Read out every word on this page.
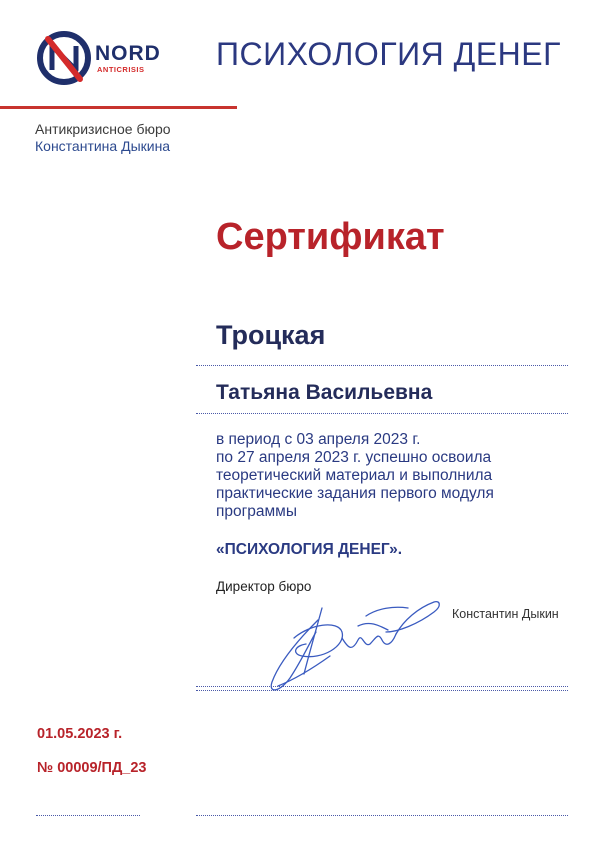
NORD
ANTICRISIS ПСИХОЛОГИЯ ДЕНЕГ
Антикризисное бюро
Константина Дыкина
Сертификат
Троцкая
Татьяна Васильевна
в период с 03 апреля 2023 г.
по 27 апреля 2023 г. успешно освоила
теоретический материал и выполнила
практические задания первого модуля
программы
«ПСИХОЛОГИЯ ДЕНЕГ».
Директор бюро
Константин Дыкин
01.05.2023 г.
№ 00009/ПД_23
